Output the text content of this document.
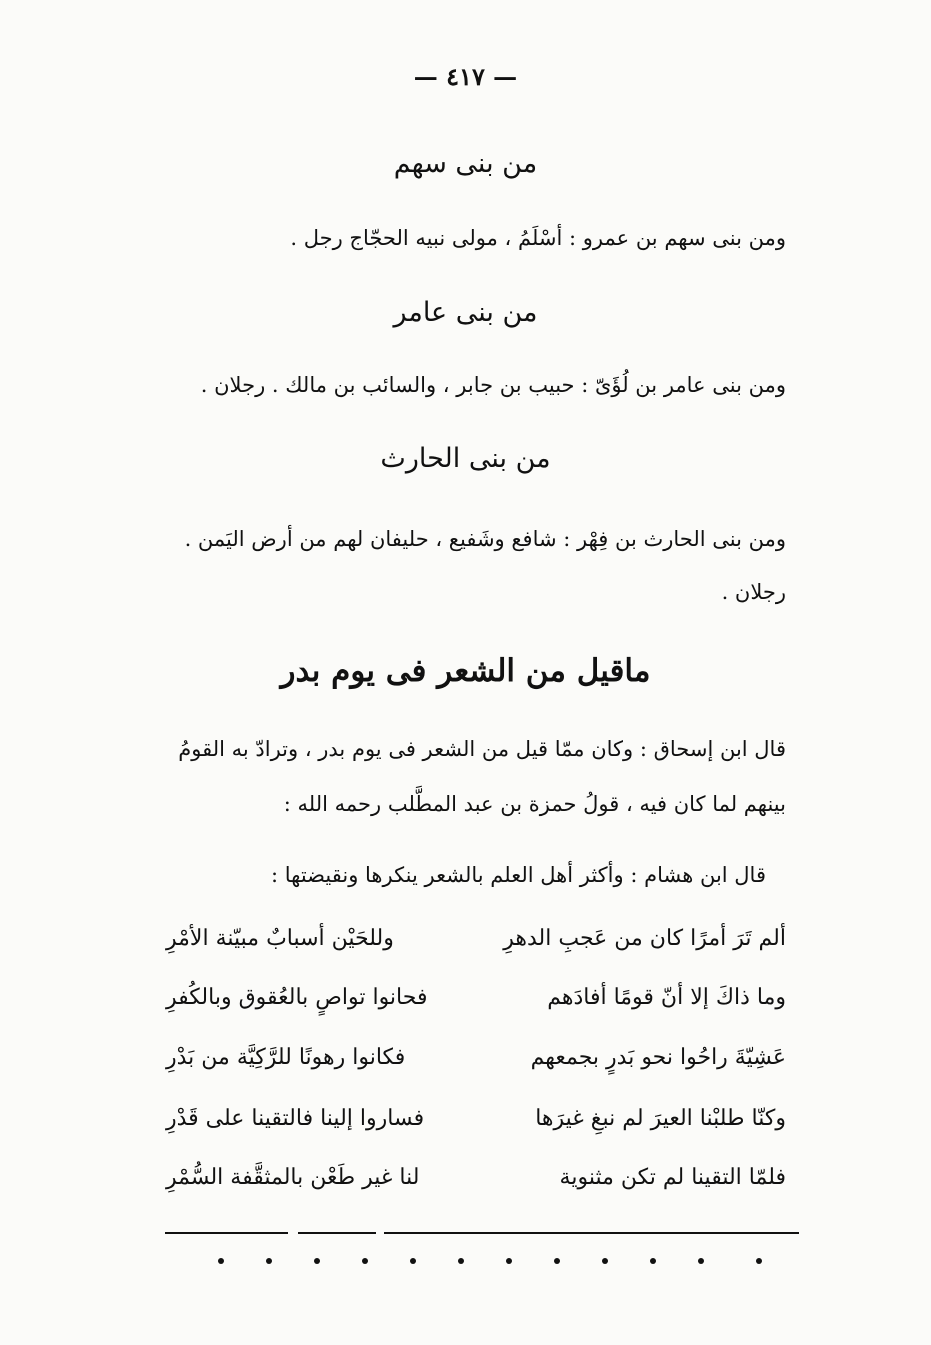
— ٤١٧ —
من بنى سهم
ومن بنى سهم بن عمرو : أسْلَمُ ، مولى نبيه الحجّاج رجل .
من بنى عامر
ومن بنى عامر بن لُؤَىّ : حبيب بن جابر ، والسائب بن مالك . رجلان .
من بنى الحارث
ومن بنى الحارث بن فِهْر : شافع وشَفيع ، حليفان لهم من أرض اليَمن .
رجلان .
ماقيل من الشعر فى يوم بدر
قال ابن إسحاق : وكان ممّا قيل من الشعر فى يوم بدر ، وترادّ به القومُ
بينهم لما كان فيه ، قولُ حمزة بن عبد المطَّلب رحمه الله :
قال ابن هشام : وأكثر أهل العلم بالشعر ينكرها ونقيضتها :
ألم تَرَ أمرًا كان من عَجبِ الدهرِ
وللحَيْن أسبابٌ مبيّنة الأمْرِ
وما ذاكَ إلا أنّ قومًا أفادَهم
فحانوا تواصٍ بالعُقوق وبالكُفرِ
عَشِيّةَ راحُوا نحو بَدرٍ بجمعهم
فكانوا رهونًا للرَّكِيَّة من بَدْرِ
وكنّا طلبْنا العيرَ لم نبغِ غيرَها
فساروا إلينا فالتقينا على قَدْرِ
فلمّا التقينا لم تكن مثنوية
لنا غير طَعْن بالمثقَّفة السُّمْرِ
